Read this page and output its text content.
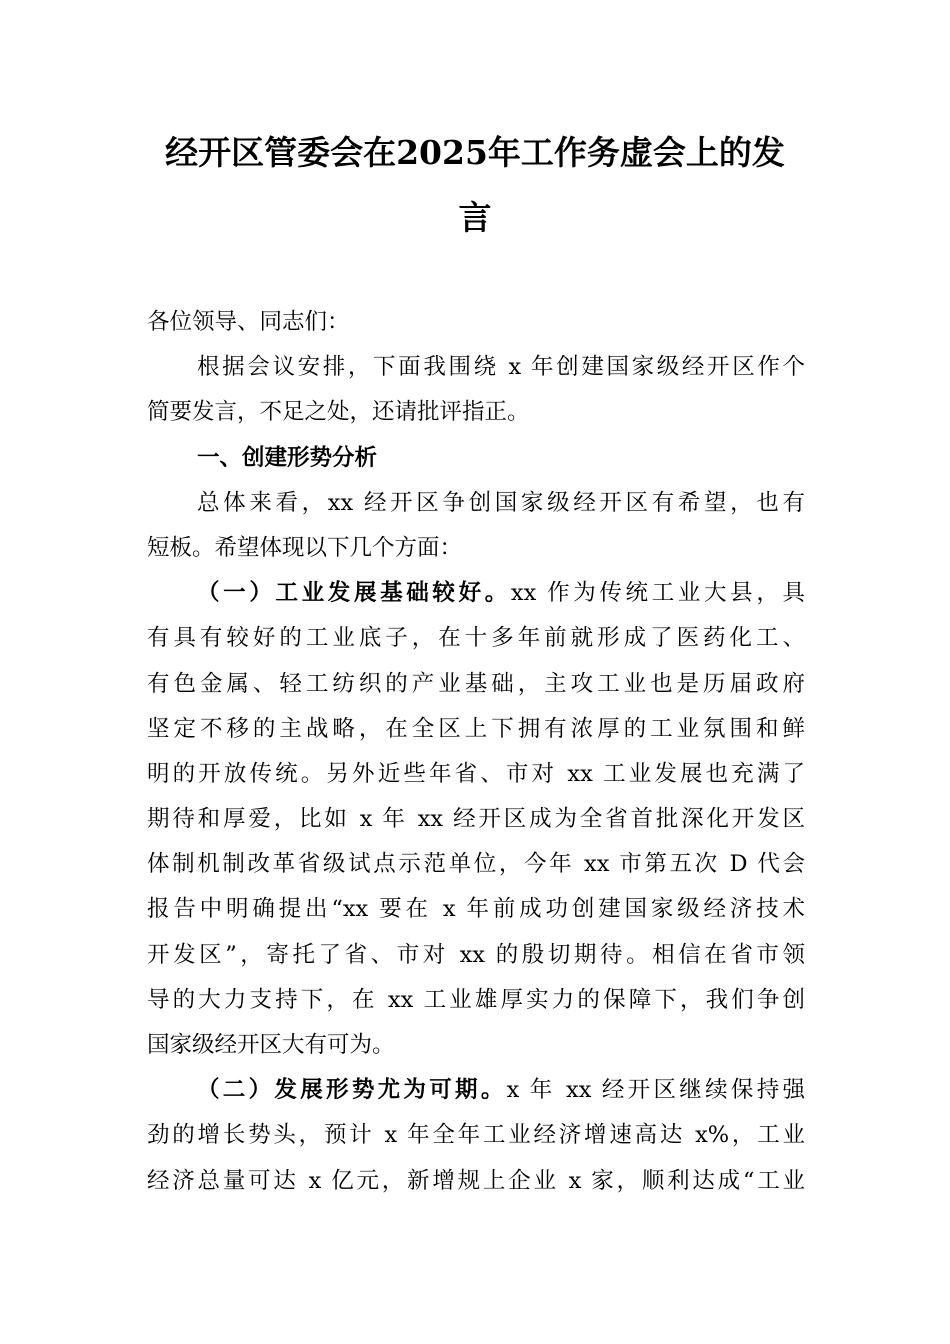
经开区管委会在2025年工作务虚会上的发
言
各位领导、同志们：
根据会议安排，下面我围绕 x 年创建国家级经开区作个
简要发言，不足之处，还请批评指正。
一、创建形势分析
总体来看，xx 经开区争创国家级经开区有希望，也有
短板。希望体现以下几个方面：
（一）工业发展基础较好。xx 作为传统工业大县，具
有具有较好的工业底子，在十多年前就形成了医药化工、
有色金属、轻工纺织的产业基础，主攻工业也是历届政府
坚定不移的主战略，在全区上下拥有浓厚的工业氛围和鲜
明的开放传统。另外近些年省、市对 xx 工业发展也充满了
期待和厚爱，比如 x 年 xx 经开区成为全省首批深化开发区
体制机制改革省级试点示范单位，今年 xx 市第五次 D 代会
报告中明确提出“xx 要在 x 年前成功创建国家级经济技术
开发区”，寄托了省、市对 xx 的殷切期待。相信在省市领
导的大力支持下，在 xx 工业雄厚实力的保障下，我们争创
国家级经开区大有可为。
（二）发展形势尤为可期。x 年 xx 经开区继续保持强
劲的增长势头，预计 x 年全年工业经济增速高达 x%，工业
经济总量可达 x 亿元，新增规上企业 x 家，顺利达成“工业
